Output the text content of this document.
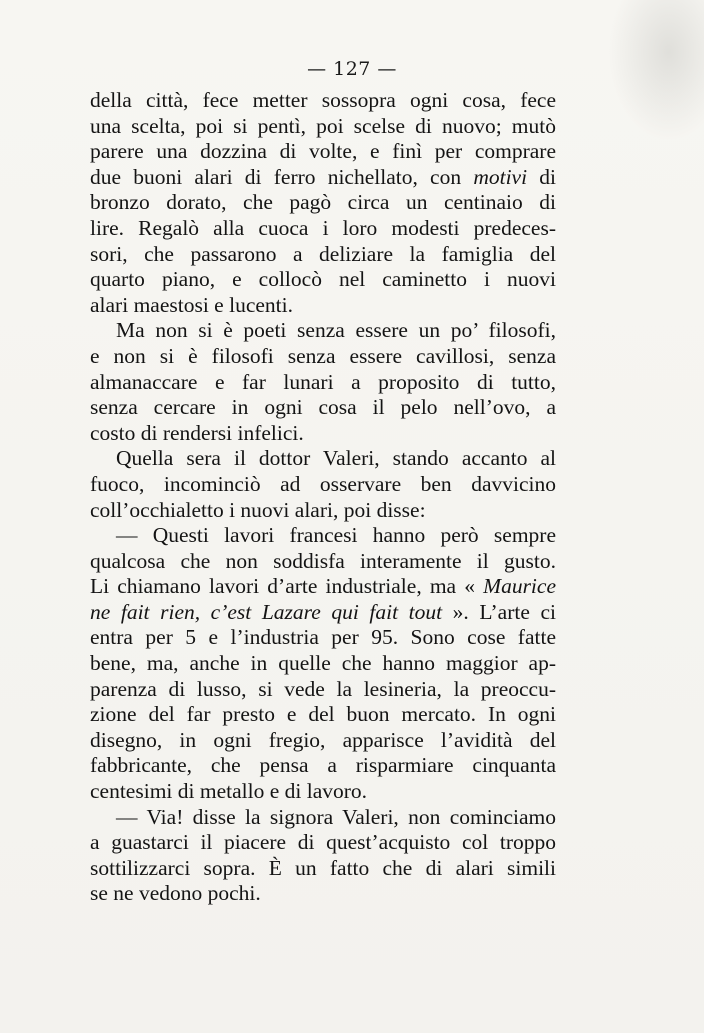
— 127 —
della città, fece metter sossopra ogni cosa, fece
una scelta, poi si pentì, poi scelse di nuovo; mutò
parere una dozzina di volte, e finì per comprare
due buoni alari di ferro nichellato, con motivi di
bronzo dorato, che pagò circa un centinaio di
lire. Regalò alla cuoca i loro modesti predeces-
sori, che passarono a deliziare la famiglia del
quarto piano, e collocò nel caminetto i nuovi
alari maestosi e lucenti.
Ma non si è poeti senza essere un po’ filosofi,
e non si è filosofi senza essere cavillosi, senza
almanaccare e far lunari a proposito di tutto,
senza cercare in ogni cosa il pelo nell’ovo, a
costo di rendersi infelici.
Quella sera il dottor Valeri, stando accanto al
fuoco, incominciò ad osservare ben davvicino
coll’occhialetto i nuovi alari, poi disse:
— Questi lavori francesi hanno però sempre
qualcosa che non soddisfa interamente il gusto.
Li chiamano lavori d’arte industriale, ma « Maurice
ne fait rien, c’est Lazare qui fait tout ». L’arte ci
entra per 5 e l’industria per 95. Sono cose fatte
bene, ma, anche in quelle che hanno maggior ap-
parenza di lusso, si vede la lesineria, la preoccu-
zione del far presto e del buon mercato. In ogni
disegno, in ogni fregio, apparisce l’avidità del
fabbricante, che pensa a risparmiare cinquanta
centesimi di metallo e di lavoro.
— Via! disse la signora Valeri, non cominciamo
a guastarci il piacere di quest’acquisto col troppo
sottilizzarci sopra. È un fatto che di alari simili
se ne vedono pochi.
